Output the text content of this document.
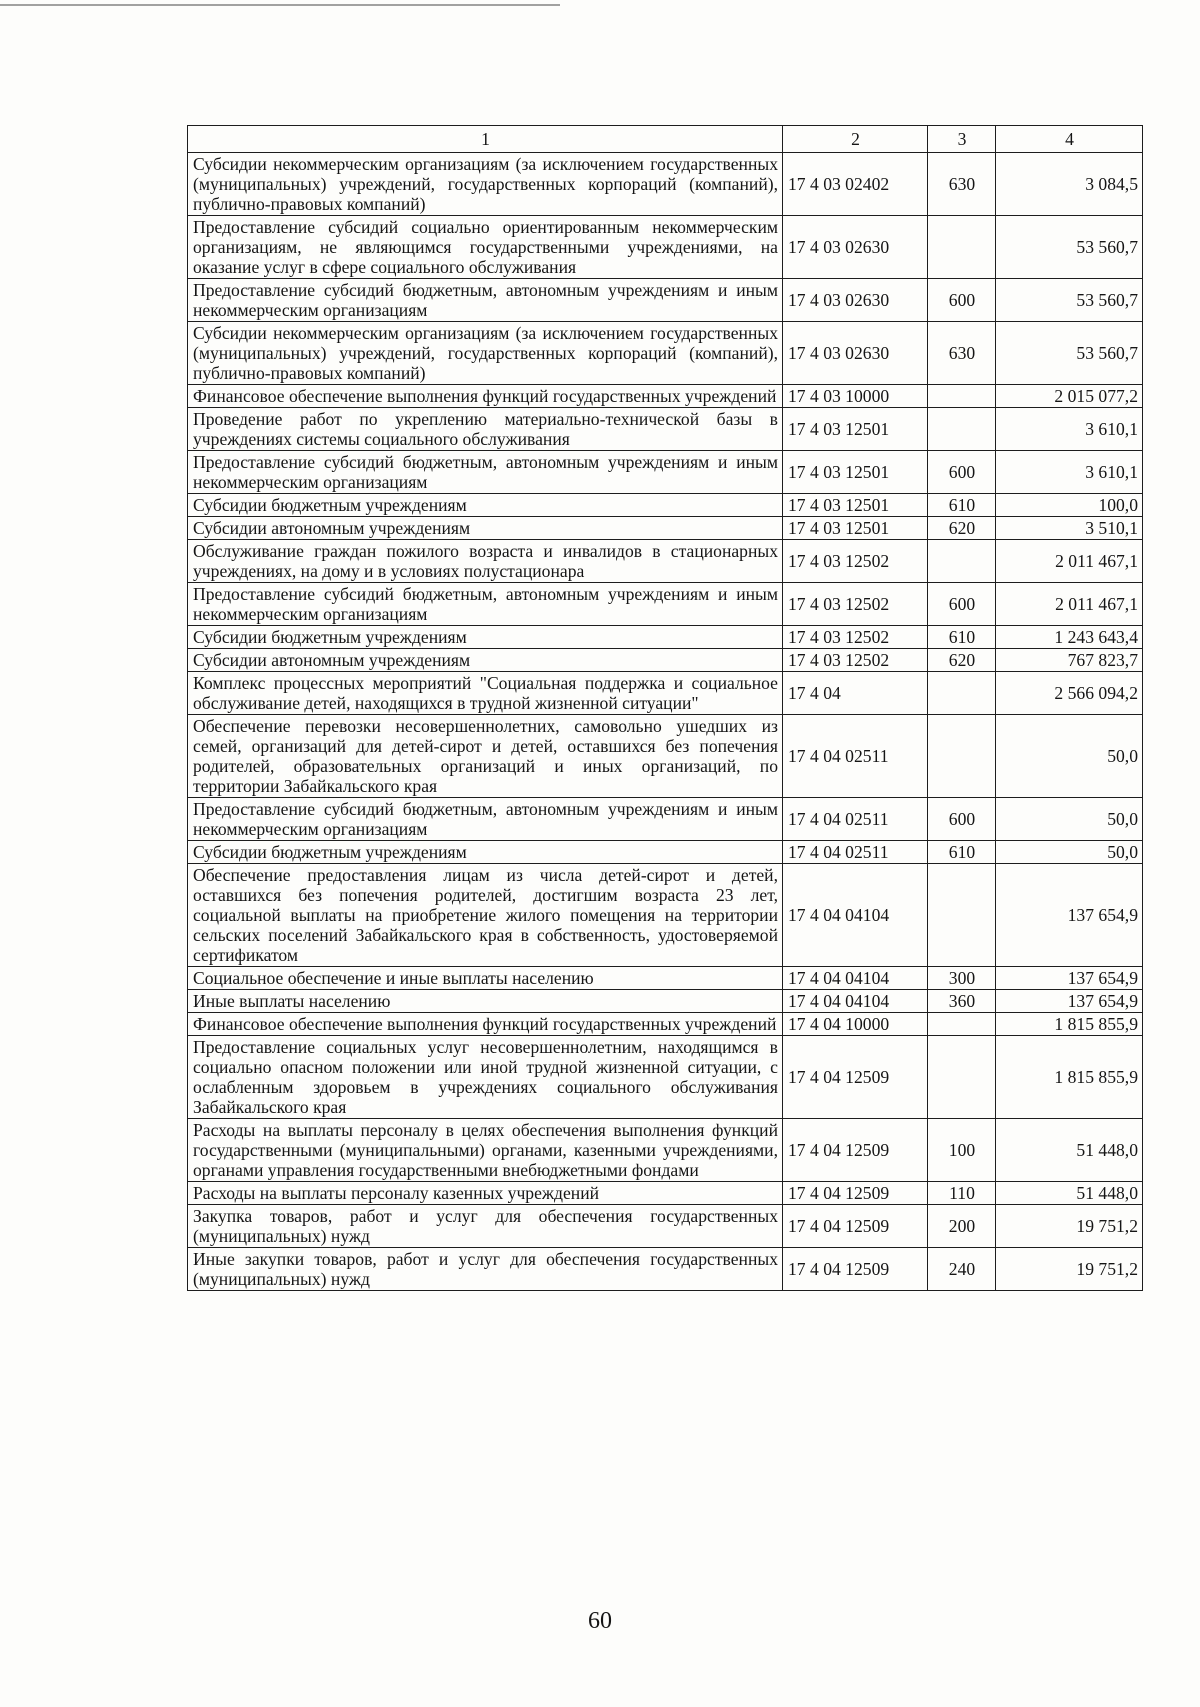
1	2	3	4
Субсидии некоммерческим организациям (за исключением государственных (муниципальных) учреждений, государственных корпораций (компаний), публично-правовых компаний)	17 4 03 02402	630	3 084,5
Предоставление субсидий социально ориентированным некоммерческим организациям, не являющимся государственными учреждениями, на оказание услуг в сфере социального обслуживания	17 4 03 02630		53 560,7
Предоставление субсидий бюджетным, автономным учреждениям и иным некоммерческим организациям	17 4 03 02630	600	53 560,7
Субсидии некоммерческим организациям (за исключением государственных (муниципальных) учреждений, государственных корпораций (компаний), публично-правовых компаний)	17 4 03 02630	630	53 560,7
Финансовое обеспечение выполнения функций государственных учреждений	17 4 03 10000		2 015 077,2
Проведение работ по укреплению материально-технической базы в учреждениях системы социального обслуживания	17 4 03 12501		3 610,1
Предоставление субсидий бюджетным, автономным учреждениям и иным некоммерческим организациям	17 4 03 12501	600	3 610,1
Субсидии бюджетным учреждениям	17 4 03 12501	610	100,0
Субсидии автономным учреждениям	17 4 03 12501	620	3 510,1
Обслуживание граждан пожилого возраста и инвалидов в стационарных учреждениях, на дому и в условиях полустационара	17 4 03 12502		2 011 467,1
Предоставление субсидий бюджетным, автономным учреждениям и иным некоммерческим организациям	17 4 03 12502	600	2 011 467,1
Субсидии бюджетным учреждениям	17 4 03 12502	610	1 243 643,4
Субсидии автономным учреждениям	17 4 03 12502	620	767 823,7
Комплекс процессных мероприятий "Социальная поддержка и социальное обслуживание детей, находящихся в трудной жизненной ситуации"	17 4 04		2 566 094,2
Обеспечение перевозки несовершеннолетних, самовольно ушедших из семей, организаций для детей-сирот и детей, оставшихся без попечения родителей, образовательных организаций и иных организаций, по территории Забайкальского края	17 4 04 02511		50,0
Предоставление субсидий бюджетным, автономным учреждениям и иным некоммерческим организациям	17 4 04 02511	600	50,0
Субсидии бюджетным учреждениям	17 4 04 02511	610	50,0
Обеспечение предоставления лицам из числа детей-сирот и детей, оставшихся без попечения родителей, достигшим возраста 23 лет, социальной выплаты на приобретение жилого помещения на территории сельских поселений Забайкальского края в собственность, удостоверяемой сертификатом	17 4 04 04104		137 654,9
Социальное обеспечение и иные выплаты населению	17 4 04 04104	300	137 654,9
Иные выплаты населению	17 4 04 04104	360	137 654,9
Финансовое обеспечение выполнения функций государственных учреждений	17 4 04 10000		1 815 855,9
Предоставление социальных услуг несовершеннолетним, находящимся в социально опасном положении или иной трудной жизненной ситуации, с ослабленным здоровьем в учреждениях социального обслуживания Забайкальского края	17 4 04 12509		1 815 855,9
Расходы на выплаты персоналу в целях обеспечения выполнения функций государственными (муниципальными) органами, казенными учреждениями, органами управления государственными внебюджетными фондами	17 4 04 12509	100	51 448,0
Расходы на выплаты персоналу казенных учреждений	17 4 04 12509	110	51 448,0
Закупка товаров, работ и услуг для обеспечения государственных (муниципальных) нужд	17 4 04 12509	200	19 751,2
Иные закупки товаров, работ и услуг для обеспечения государственных (муниципальных) нужд	17 4 04 12509	240	19 751,2
60
